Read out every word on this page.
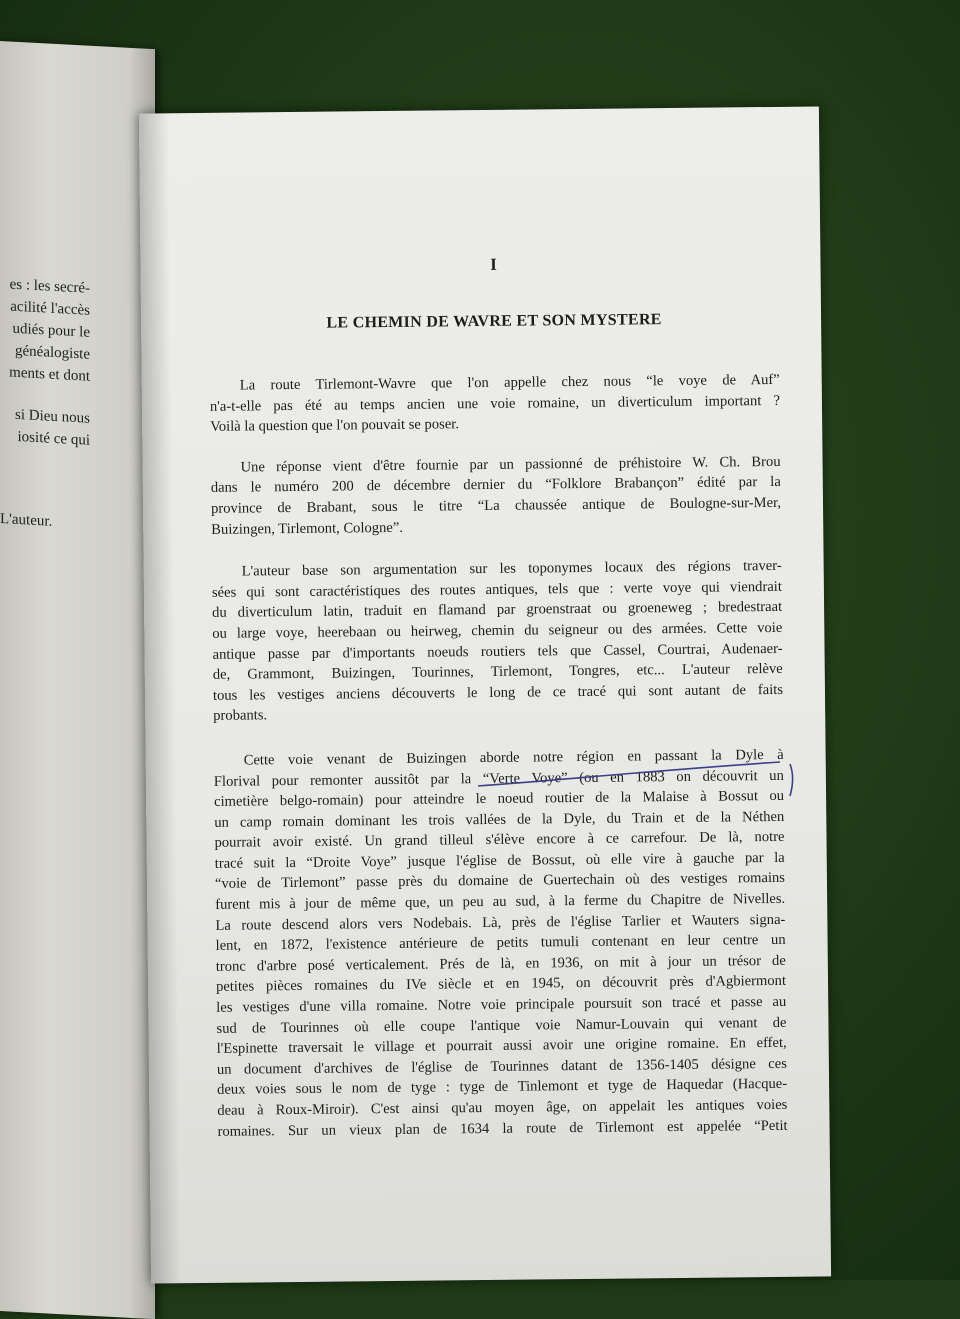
es : les secré-
acilité l'accès
udiés pour le
généalogiste
ments et dont
si Dieu nous
iosité ce qui
L'auteur.
I
LE CHEMIN DE WAVRE ET SON MYSTERE
La route Tirlemont-Wavre que l'on appelle chez nous “le voye de Auf”
n'a-t-elle pas été au temps ancien une voie romaine, un diverticulum important ?
Voilà la question que l'on pouvait se poser.
Une réponse vient d'être fournie par un passionné de préhistoire W. Ch. Brou
dans le numéro 200 de décembre dernier du “Folklore Brabançon” édité par la
province de Brabant, sous le titre “La chaussée antique de Boulogne-sur-Mer,
Buizingen, Tirlemont, Cologne”.
L'auteur base son argumentation sur les toponymes locaux des régions traver-
sées qui sont caractéristiques des routes antiques, tels que : verte voye qui viendrait
du diverticulum latin, traduit en flamand par groenstraat ou groeneweg ; bredestraat
ou large voye, heerebaan ou heirweg, chemin du seigneur ou des armées. Cette voie
antique passe par d'importants noeuds routiers tels que Cassel, Courtrai, Audenaer-
de, Grammont, Buizingen, Tourinnes, Tirlemont, Tongres, etc... L'auteur relève
tous les vestiges anciens découverts le long de ce tracé qui sont autant de faits
probants.
Cette voie venant de Buizingen aborde notre région en passant la Dyle à
Florival pour remonter aussitôt par la “Verte Voye” (ou en 1883 on découvrit un
cimetière belgo-romain) pour atteindre le noeud routier de la Malaise à Bossut ou
un camp romain dominant les trois vallées de la Dyle, du Train et de la Néthen
pourrait avoir existé. Un grand tilleul s'élève encore à ce carrefour. De là, notre
tracé suit la “Droite Voye” jusque l'église de Bossut, où elle vire à gauche par la
“voie de Tirlemont” passe près du domaine de Guertechain où des vestiges romains
furent mis à jour de même que, un peu au sud, à la ferme du Chapitre de Nivelles.
La route descend alors vers Nodebais. Là, près de l'église Tarlier et Wauters signa-
lent, en 1872, l'existence antérieure de petits tumuli contenant en leur centre un
tronc d'arbre posé verticalement. Prés de là, en 1936, on mit à jour un trésor de
petites pièces romaines du IVe siècle et en 1945, on découvrit près d'Agbiermont
les vestiges d'une villa romaine. Notre voie principale poursuit son tracé et passe au
sud de Tourinnes où elle coupe l'antique voie Namur-Louvain qui venant de
l'Espinette traversait le village et pourrait aussi avoir une origine romaine. En effet,
un document d'archives de l'église de Tourinnes datant de 1356-1405 désigne ces
deux voies sous le nom de tyge : tyge de Tinlemont et tyge de Haquedar (Hacque-
deau à Roux-Miroir). C'est ainsi qu'au moyen âge, on appelait les antiques voies
romaines. Sur un vieux plan de 1634 la route de Tirlemont est appelée “Petit
